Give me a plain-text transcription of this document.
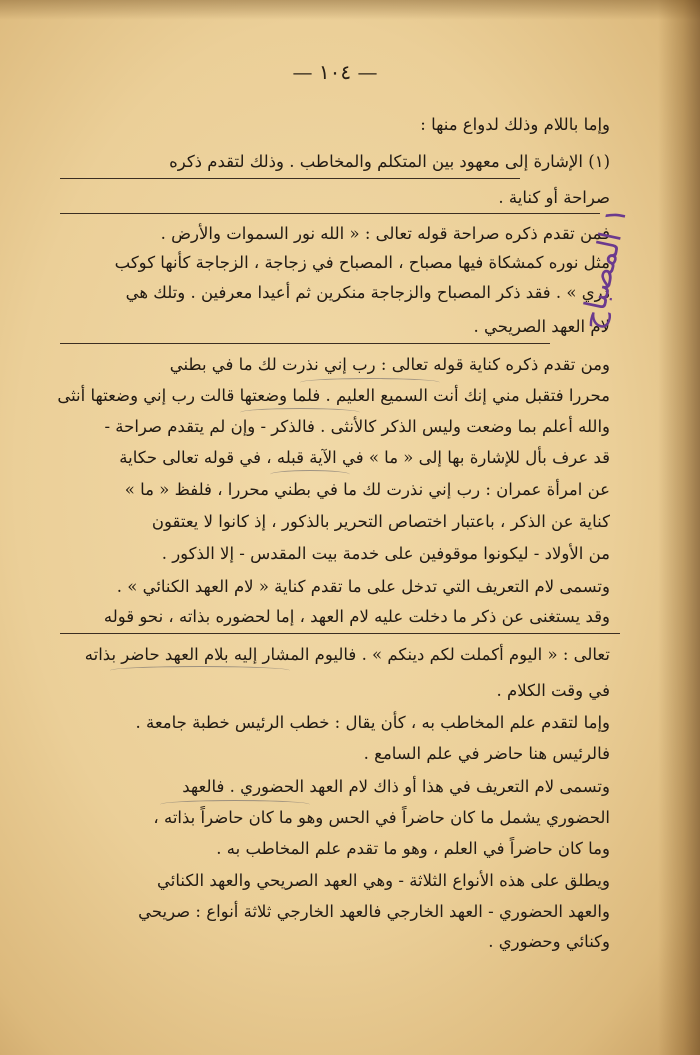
— ١٠٤ —
وإما باللام وذلك لدواع منها :
(١) الإشارة إلى معهود بين المتكلم والمخاطب . وذلك لتقدم ذكره
صراحة أو كناية .
فمن تقدم ذكره صراحة قوله تعالى : « الله نور السموات والأرض .
مثل نوره كمشكاة فيها مصباح ، المصباح في زجاجة ، الزجاجة كأنها كوكب
دري » . فقد ذكر المصباح والزجاجة منكرين ثم أعيدا معرفين . وتلك هي
لام العهد الصريحي .
ومن تقدم ذكره كناية قوله تعالى : رب إني نذرت لك ما في بطني
محررا فتقبل مني إنك أنت السميع العليم . فلما وضعتها قالت رب إني وضعتها أنثى
والله أعلم بما وضعت وليس الذكر كالأنثى . فالذكر - وإن لم يتقدم صراحة -
قد عرف بأل للإشارة بها إلى « ما » في الآية قبله ، في قوله تعالى حكاية
عن امرأة عمران : رب إني نذرت لك ما في بطني محررا ، فلفظ « ما »
كناية عن الذكر ، باعتبار اختصاص التحرير بالذكور ، إذ كانوا لا يعتقون
من الأولاد - ليكونوا موقوفين على خدمة بيت المقدس - إلا الذكور .
وتسمى لام التعريف التي تدخل على ما تقدم كناية « لام العهد الكنائي » .
وقد يستغنى عن ذكر ما دخلت عليه لام العهد ، إما لحضوره بذاته ، نحو قوله
تعالى : « اليوم أكملت لكم دينكم » . فاليوم المشار إليه بلام العهد حاضر بذاته
في وقت الكلام .
وإما لتقدم علم المخاطب به ، كأن يقال : خطب الرئيس خطبة جامعة .
فالرئيس هنا حاضر في علم السامع .
وتسمى لام التعريف في هذا أو ذاك لام العهد الحضوري . فالعهد
الحضوري يشمل ما كان حاضراً في الحس وهو ما كان حاضراً بذاته ،
وما كان حاضراً في العلم ، وهو ما تقدم علم المخاطب به .
ويطلق على هذه الأنواع الثلاثة - وهي العهد الصريحي والعهد الكنائي
والعهد الحضوري - العهد الخارجي فالعهد الخارجي ثلاثة أنواع : صريحي
وكنائي وحضوري .
١ المصباح
